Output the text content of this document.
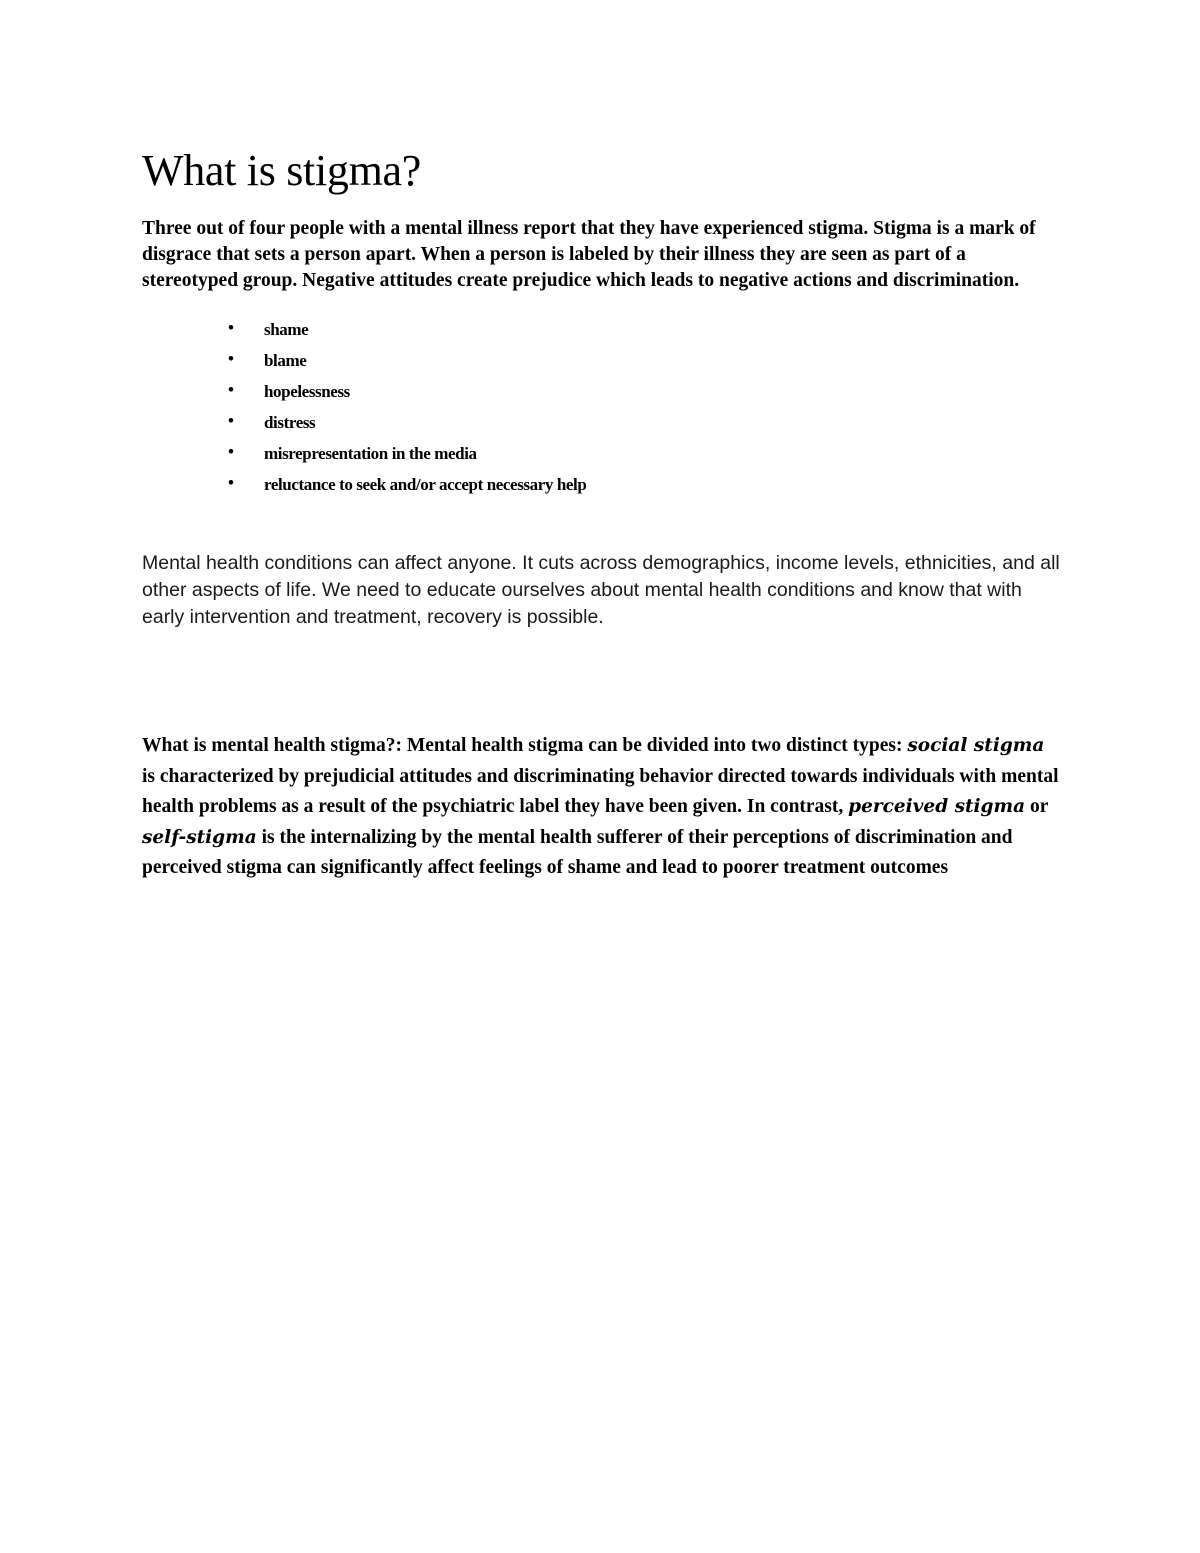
What is stigma?

Three out of four people with a mental illness report that they have experienced stigma. Stigma is a mark of disgrace that sets a person apart. When a person is labeled by their illness they are seen as part of a stereotyped group. Negative attitudes create prejudice which leads to negative actions and discrimination.

• shame
• blame
• hopelessness
• distress
• misrepresentation in the media
• reluctance to seek and/or accept necessary help

Mental health conditions can affect anyone. It cuts across demographics, income levels, ethnicities, and all other aspects of life. We need to educate ourselves about mental health conditions and know that with early intervention and treatment, recovery is possible.

What is mental health stigma?: Mental health stigma can be divided into two distinct types: social stigma is characterized by prejudicial attitudes and discriminating behavior directed towards individuals with mental health problems as a result of the psychiatric label they have been given. In contrast, perceived stigma or self-stigma is the internalizing by the mental health sufferer of their perceptions of discrimination and perceived stigma can significantly affect feelings of shame and lead to poorer treatment outcomes
